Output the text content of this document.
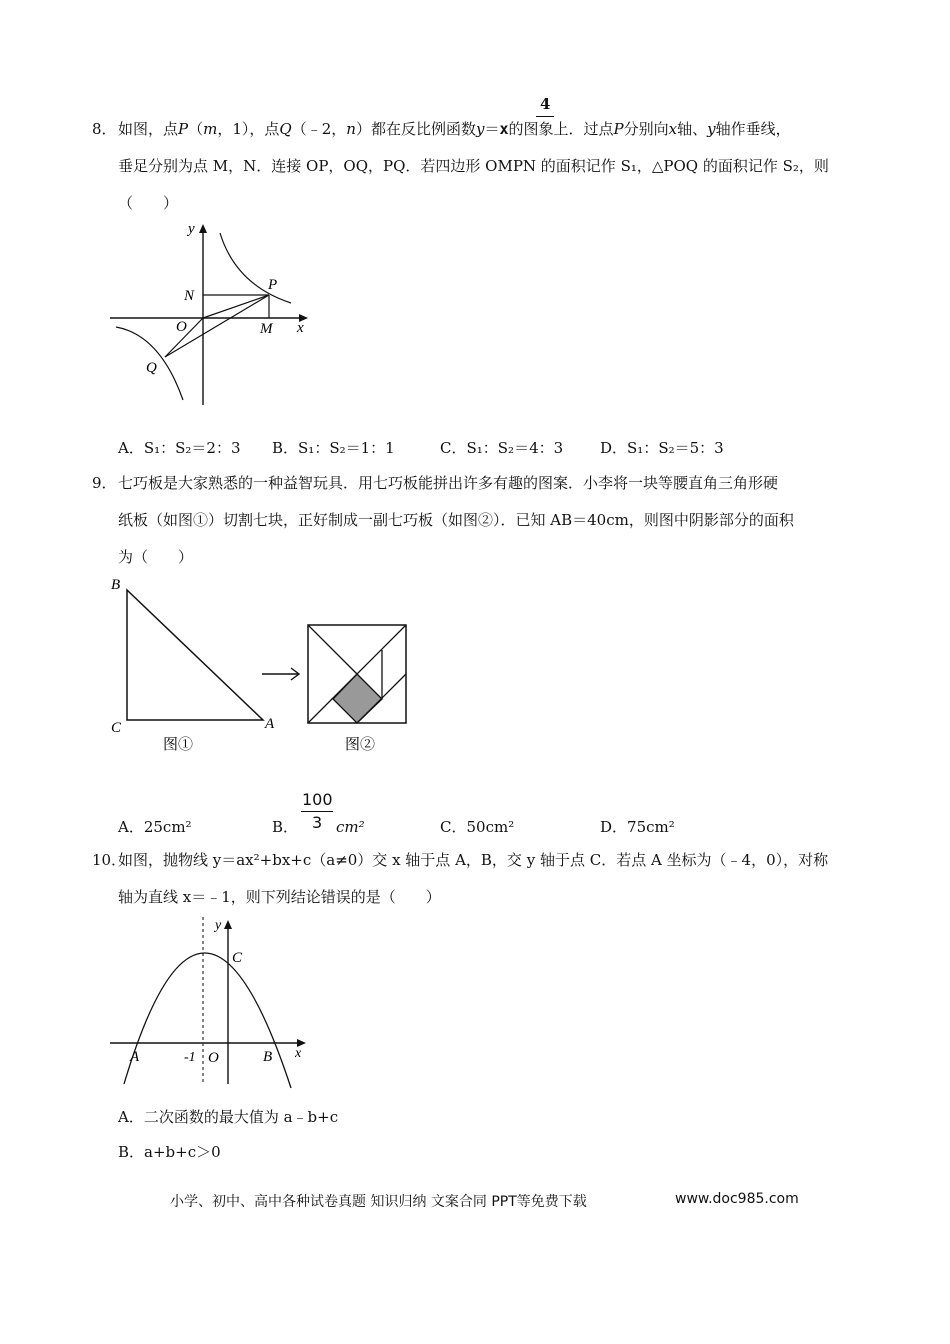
4
8． 如图，点P（m，1），点Q（﹣2，n）都在反比例函数y＝x的图象上．过点P分别向x轴、y轴作垂线，
垂足分别为点 M，N．连接 OP，OQ，PQ．若四边形 OMPN 的面积记作 S₁，△POQ 的面积记作 S₂，则
（　　）
y
N
P
O	M x
Q
A．S₁：S₂＝2：3 B．S₁：S₂＝1：1	C．S₁：S₂＝4：3 D．S₁：S₂＝5：3
9． 七巧板是大家熟悉的一种益智玩具．用七巧板能拼出许多有趣的图案．小李将一块等腰直角三角形硬
纸板（如图①）切割七块，正好制成一副七巧板（如图②）．已知 AB＝40cm，则图中阴影部分的面积
为（　　）
B
C	A
图①	图②
A．25cm²	B．
100
3 cm²	C．50cm²	D．75cm²
10．
如图，抛物线 y＝ax²+bx+c（a≠0）交 x 轴于点 A，B，交 y 轴于点 C．若点 A 坐标为（﹣4，0），对称
轴为直线 x＝﹣1，则下列结论错误的是（　　）
y
C
A	-1 O	B x
A．二次函数的最大值为 a﹣b+c
B．a+b+c＞0
小学、初中、高中各种试卷真题 知识归纳 文案合同 PPT等免费下载	www.doc985.com
